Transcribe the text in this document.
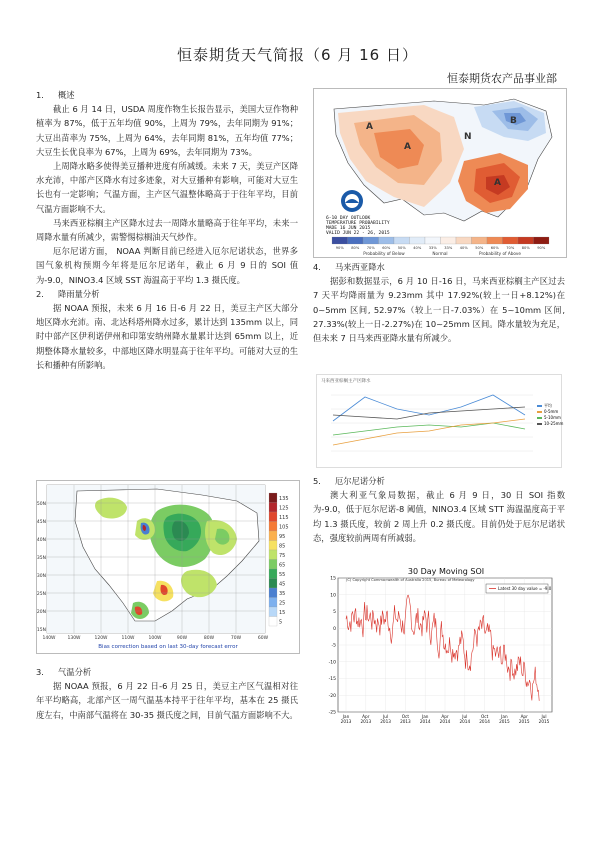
恒泰期货天气简报（6 月 16 日）
恒泰期货农产品事业部
1. 概述

截止 6 月 14 日，USDA 周度作物生长报告显示，美国大豆作物种植率为 87%，低于五年均值 90%，上周为 79%，去年同期为 91%；大豆出苗率为 75%，上周为 64%，去年同期 81%，五年均值 77%；大豆生长优良率为 67%，上周为 69%，去年同期为 73%。

上周降水略多使得美豆播种进度有所减缓。未来 7 天，美豆产区降水充沛，中部产区降水有过多迹象，对大豆播种有影响，可能对大豆生长也有一定影响；气温方面，主产区气温整体略高于于往年平均，目前气温方面影响不大。

马来西亚棕榈主产区降水过去一周降水量略高于往年平均，未来一周降水量有所减少，需警惕棕榈油天气炒作。

厄尔尼诺方面， NOAA 判断目前已经进入厄尔尼诺状态，世界多国气象机构预期今年将是厄尔尼诺年，截止 6 月 9 日的 SOI 值为-9.0，NINO3.4 区域 SST 海温高于平均 1.3 摄氏度。

2. 降雨量分析

据 NOAA 预报，未来 6 月 16 日-6 月 22 日，美豆主产区大部分地区降水充沛。南、北达科塔州降水过多，累计达到 135mm 以上，同时中部产区伊利诺伊州和印第安纳州降水量累计达到 65mm 以上，近期整体降水量较多，中部地区降水明显高于往年平均。可能对大豆的生长和播种有所影响。

140W	130W	120W	110W	100W	90W	80W	70W	60W
50N
45N
40N
35N
30N
25N
20N
15N
135
125
115
105
95
85
75
65
55
45
35
25
15
5
Bias correction based on last 30-day forecast error
3. 气温分析

据 NOAA 预报，6 月 22 日-6 月 25 日，美豆主产区气温相对往年平均略高，北部产区一周气温基本持平于往年平均，基本在 25 摄氏度左右，中南部气温将在 30-35 摄氏度之间，目前气温方面影响不大。

A
A
B
N
A
6-10 DAY OUTLOOK
TEMPERATURE PROBABILITY
MADE 16 JUN 2015
VALID JUN 22 - 26, 2015
90% 80% 70% 60% 50% 40% 33% 33% 40% 50% 60% 70% 80% 90%
Probability of Below	Normal	Probability of Above
4. 马来西亚降水

据彭和数据显示，6 月 10 日-16 日，马来西亚棕榈主产区过去 7 天平均降雨量为 9.23mm 其中 17.92%(较上一日+8.12%)在 0~5mm 区间, 52.97%（较上一日-7.03%）在 5~10mm 区间, 27.33%(较上一日-2.27%)在 10~25mm 区间。降水量较为充足，但未来 7 日马来西亚降水量有所减少。

马来西亚棕榈主产区降水
平均
0-5mm
5-10mm
10-25mm
5. 厄尔尼诺分析

澳大利亚气象局数据，截止 6 月 9 日，30 日 SOI 指数为-9.0，低于厄尔尼诺-8 阈值，NINO3.4 区域 STT 海温温度高于平均 1.3 摄氏度，较前 2 周上升 0.2 摄氏度。目前仍处于厄尔尼诺状态，强度较前两周有所减弱。

30 Day Moving SOI
(C) Copyright Commonwealth of Australia 2015, Bureau of Meteorology
15
10
5
0
-5
-10
-15
-20
-25
Jan
2013
Apr
2013
Jul
2013
Oct
2013
Jan
2014
Apr
2014
Jul
2014
Oct
2014
Jan
2015
Apr
2015
Jul
2015
Latest 30 day value = -9.0
